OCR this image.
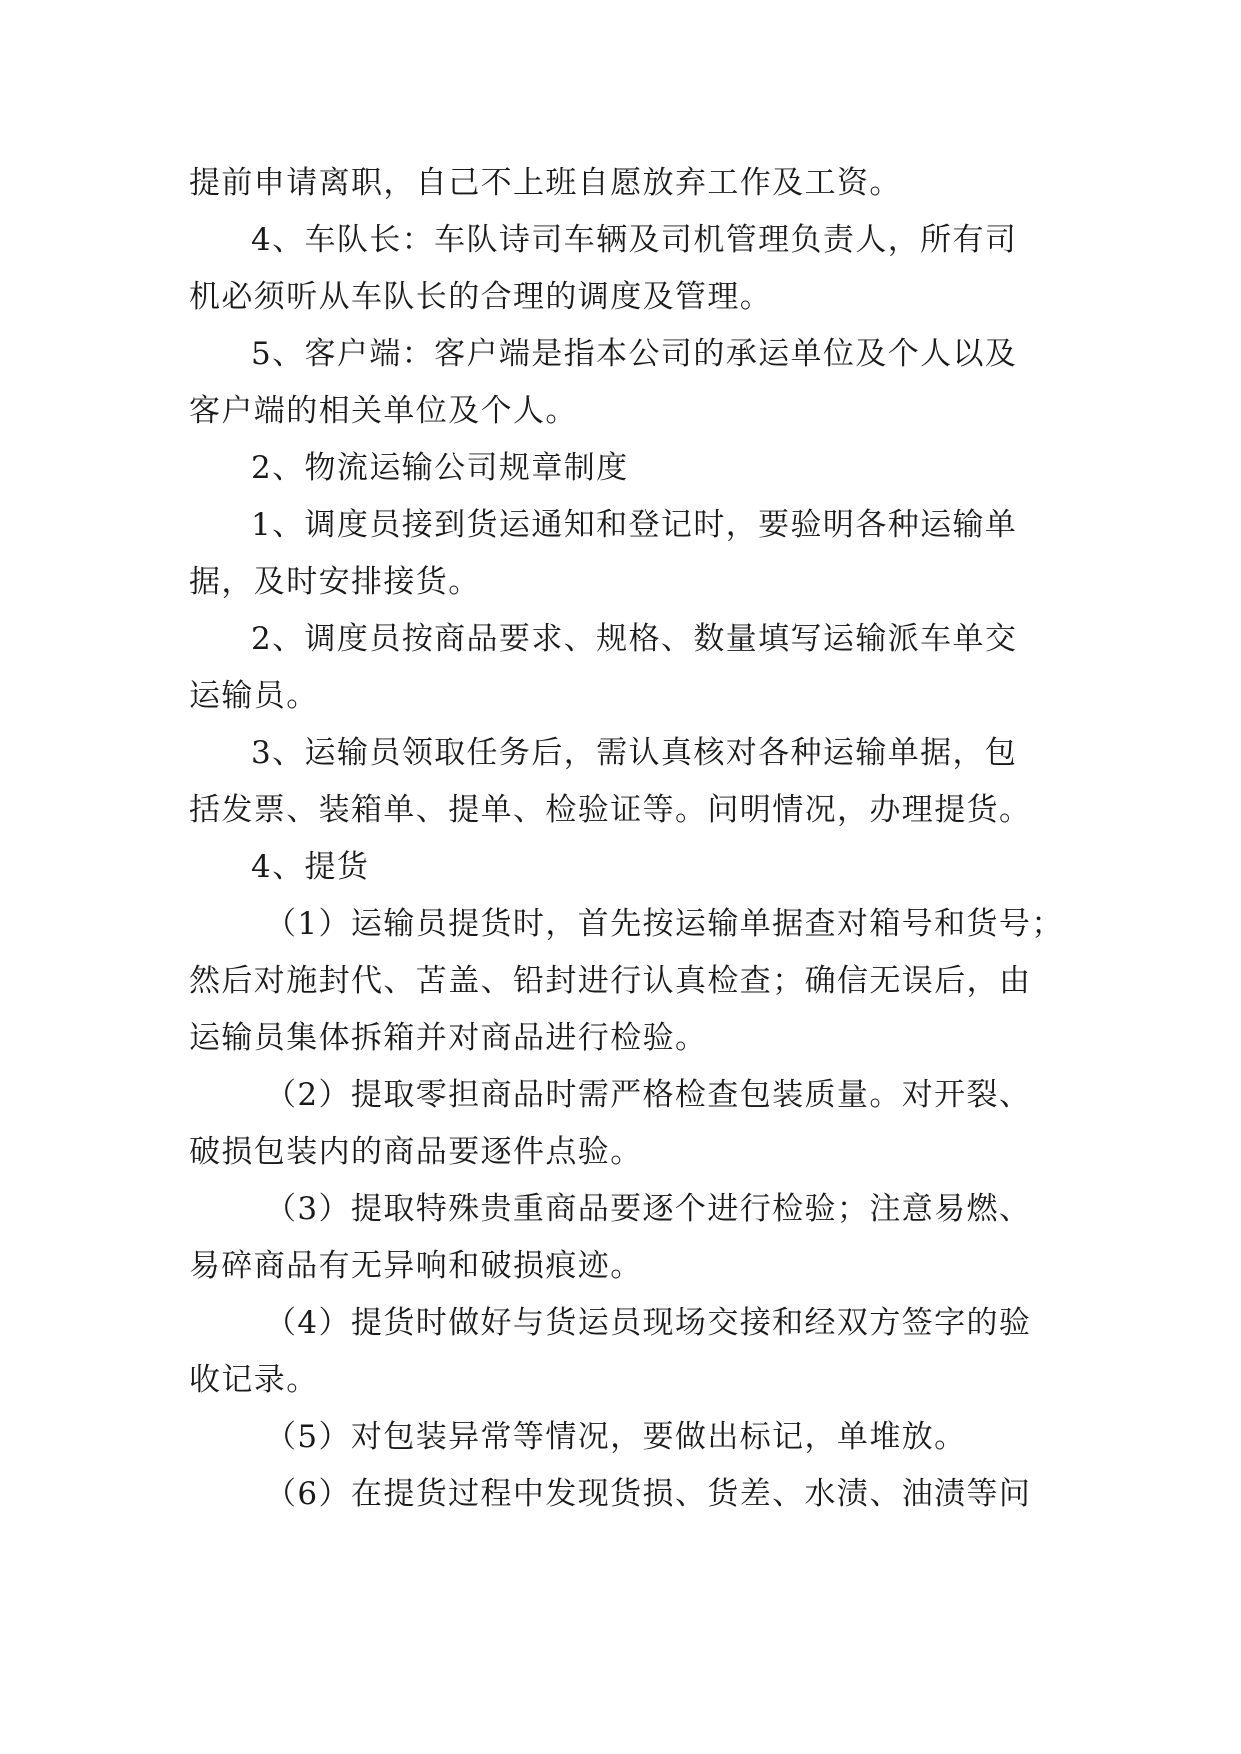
提前申请离职，自己不上班自愿放弃工作及工资。
4、车队长：车队诗司车辆及司机管理负责人，所有司
机必须听从车队长的合理的调度及管理。
5、客户端：客户端是指本公司的承运单位及个人以及
客户端的相关单位及个人。
2、物流运输公司规章制度
1、调度员接到货运通知和登记时，要验明各种运输单
据，及时安排接货。
2、调度员按商品要求、规格、数量填写运输派车单交
运输员。
3、运输员领取任务后，需认真核对各种运输单据，包
括发票、装箱单、提单、检验证等。问明情况，办理提货。
4、提货
（1）运输员提货时，首先按运输单据查对箱号和货号；
然后对施封代、苫盖、铅封进行认真检查；确信无误后，由
运输员集体拆箱并对商品进行检验。
（2）提取零担商品时需严格检查包装质量。对开裂、
破损包装内的商品要逐件点验。
（3）提取特殊贵重商品要逐个进行检验；注意易燃、
易碎商品有无异响和破损痕迹。
（4）提货时做好与货运员现场交接和经双方签字的验
收记录。
（5）对包装异常等情况，要做出标记，单堆放。
（6）在提货过程中发现货损、货差、水渍、油渍等问
